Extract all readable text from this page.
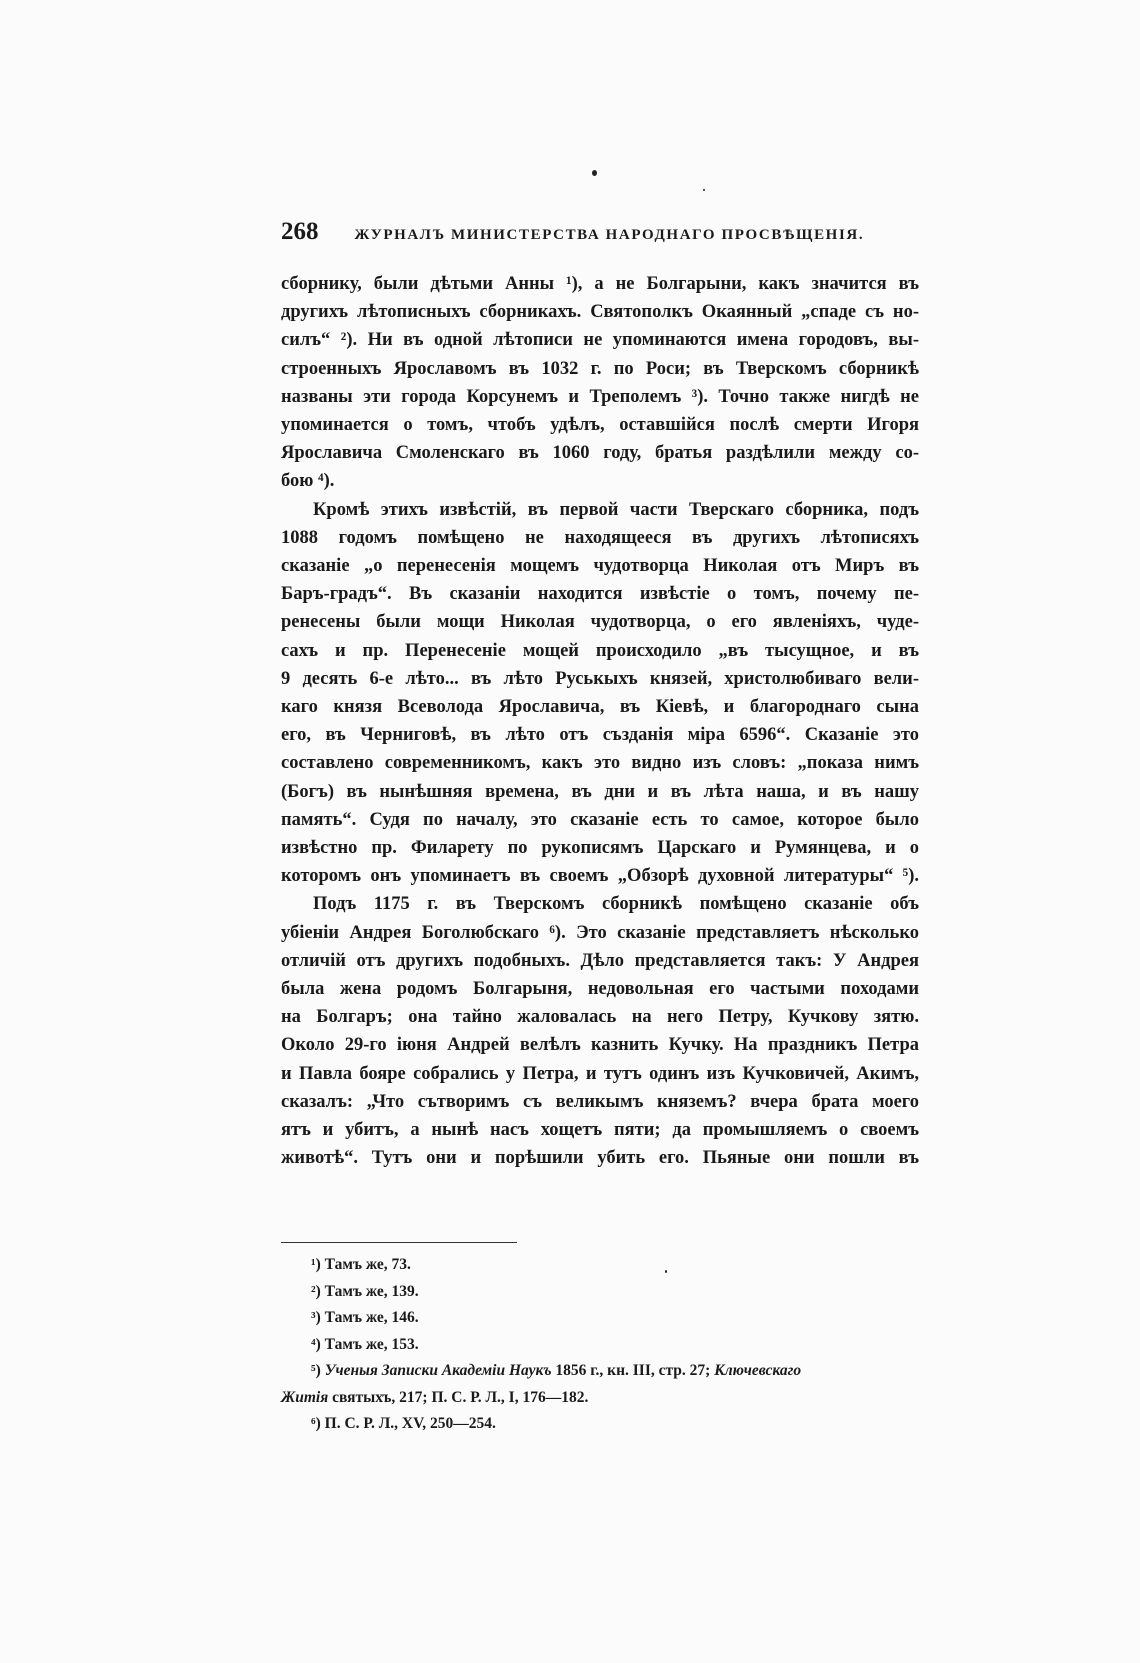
268 ЖУРНАЛЪ МИНИСТЕРСТВА НАРОДНАГО ПРОСВѢЩЕНІЯ.
сборнику, были дѣтьми Анны ¹), а не Болгарыни, какъ значится въ
другихъ лѣтописныхъ сборникахъ. Святополкъ Окаянный „спаде съ но-
силъ“ ²). Ни въ одной лѣтописи не упоминаются имена городовъ, вы-
строенныхъ Ярославомъ въ 1032 г. по Роси; въ Тверскомъ сборникѣ
названы эти города Корсунемъ и Треполемъ ³). Точно также нигдѣ не
упоминается о томъ, чтобъ удѣлъ, оставшійся послѣ смерти Игоря
Ярославича Смоленскаго въ 1060 году, братья раздѣлили между со-
бою ⁴).
Кромѣ этихъ извѣстій, въ первой части Тверскаго сборника, подъ
1088 годомъ помѣщено не находящееся въ другихъ лѣтописяхъ
сказаніе „о перенесенія мощемъ чудотворца Николая отъ Миръ въ
Баръ-градъ“. Въ сказаніи находится извѣстіе о томъ, почему пе-
ренесены были мощи Николая чудотворца, о его явленіяхъ, чуде-
сахъ и пр. Перенесеніе мощей происходило „въ тысущное, и въ
9 десять 6-е лѣто... въ лѣто Руськыхъ князей, христолюбиваго вели-
каго князя Всеволода Ярославича, въ Кіевѣ, и благороднаго сына
его, въ Черниговѣ, въ лѣто отъ създанія міра 6596“. Сказаніе это
составлено современникомъ, какъ это видно изъ словъ: „показа нимъ
(Богъ) въ нынѣшняя времена, въ дни и въ лѣта наша, и въ нашу
память“. Судя по началу, это сказаніе есть то самое, которое было
извѣстно пр. Филарету по рукописямъ Царскаго и Румянцева, и о
которомъ онъ упоминаетъ въ своемъ „Обзорѣ духовной литературы“ ⁵).
Подъ 1175 г. въ Тверскомъ сборникѣ помѣщено сказаніе объ
убіеніи Андрея Боголюбскаго ⁶). Это сказаніе представляетъ нѣсколько
отличій отъ другихъ подобныхъ. Дѣло представляется такъ: У Андрея
была жена родомъ Болгарыня, недовольная его частыми походами
на Болгаръ; она тайно жаловалась на него Петру, Кучкову зятю.
Около 29-го іюня Андрей велѣлъ казнить Кучку. На праздникъ Петра
и Павла бояре собрались у Петра, и тутъ одинъ изъ Кучковичей, Акимъ,
сказалъ: „Что сътворимъ съ великымъ княземъ? вчера брата моего
ятъ и убитъ, а нынѣ насъ хощетъ пяти; да промышляемъ о своемъ
животѣ“. Тутъ они и порѣшили убить его. Пьяные они пошли въ
¹) Тамъ же, 73.
²) Тамъ же, 139.
³) Тамъ же, 146.
⁴) Тамъ же, 153.
⁵) Ученыя Записки Академіи Наукъ 1856 г., кн. III, стр. 27; Ключевскаго
Житія святыхъ, 217; П. С. Р. Л., I, 176—182.
⁶) П. С. Р. Л., XV, 250—254.
